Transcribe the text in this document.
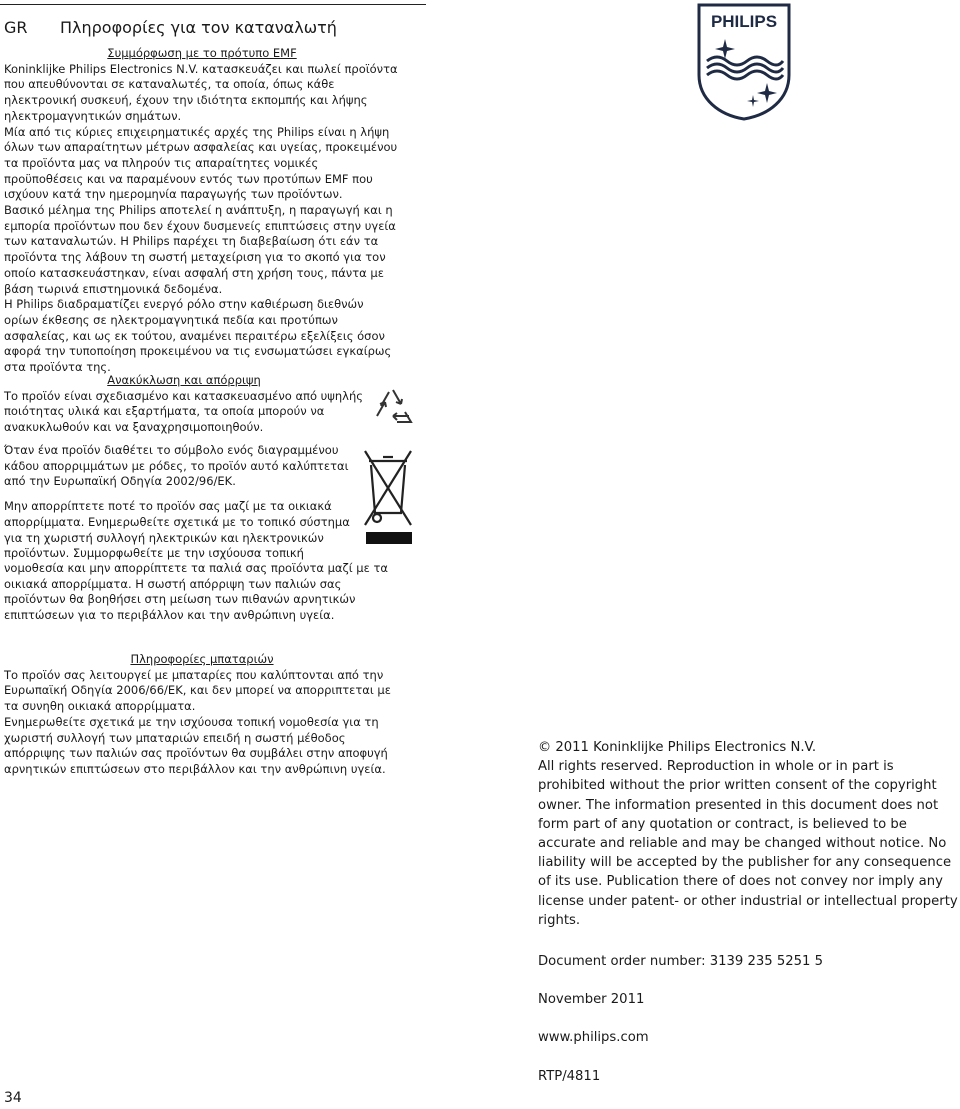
GR Πληροφορίες για τον καταναλωτή

Συμμόρφωση με το πρότυπο EMF

Koninklijke Philips Electronics N.V. κατασκευάζει και πωλεί προϊόντα που απευθύνονται σε καταναλωτές, τα οποία, όπως κάθε ηλεκτρονική συσκευή, έχουν την ιδιότητα εκπομπής και λήψης ηλεκτρομαγνητικών σημάτων.

Μία από τις κύριες επιχειρηματικές αρχές της Philips είναι η λήψη όλων των απαραίτητων μέτρων ασφαλείας και υγείας, προκειμένου τα προϊόντα μας να πληρούν τις απαραίτητες νομικές προϋποθέσεις και να παραμένουν εντός των προτύπων EMF που ισχύουν κατά την ημερομηνία παραγωγής των προϊόντων.

Βασικό μέλημα της Philips αποτελεί η ανάπτυξη, η παραγωγή και η εμπορία προϊόντων που δεν έχουν δυσμενείς επιπτώσεις στην υγεία των καταναλωτών. Η Philips παρέχει τη διαβεβαίωση ότι εάν τα προϊόντα της λάβουν τη σωστή μεταχείριση για το σκοπό για τον οποίο κατασκευάστηκαν, είναι ασφαλή στη χρήση τους, πάντα με βάση τωρινά επιστημονικά δεδομένα.

Η Philips διαδραματίζει ενεργό ρόλο στην καθιέρωση διεθνών ορίων έκθεσης σε ηλεκτρομαγνητικά πεδία και προτύπων ασφαλείας, και ως εκ τούτου, αναμένει περαιτέρω εξελίξεις όσον αφορά την τυποποίηση προκειμένου να τις ενσωματώσει εγκαίρως στα προϊόντα της.

Ανακύκλωση και απόρριψη

Το προϊόν είναι σχεδιασμένο και κατασκευασμένο από υψηλής ποιότητας υλικά και εξαρτήματα, τα οποία μπορούν να ανακυκλωθούν και να ξαναχρησιμοποιηθούν.

Όταν ένα προϊόν διαθέτει το σύμβολο ενός διαγραμμένου κάδου απορριμμάτων με ρόδες, το προϊόν αυτό καλύπτεται από την Ευρωπαϊκή Οδηγία 2002/96/ΕΚ.

Μην απορρίπτετε ποτέ το προϊόν σας μαζί με τα οικιακά απορρίμματα. Ενημερωθείτε σχετικά με το τοπικό σύστημα για τη χωριστή συλλογή ηλεκτρικών και ηλεκτρονικών προϊόντων. Συμμορφωθείτε με την ισχύουσα τοπική

νομοθεσία και μην απορρίπτετε τα παλιά σας προϊόντα μαζί με τα οικιακά απορρίμματα. Η σωστή απόρριψη των παλιών σας προϊόντων θα βοηθήσει στη μείωση των πιθανών αρνητικών επιπτώσεων για το περιβάλλον και την ανθρώπινη υγεία.

Πληροφορίες μπαταριών

Το προϊόν σας λειτουργεί με μπαταρίες που καλύπτονται από την Ευρωπαϊκή Οδηγία 2006/66/ΕΚ, και δεν μπορεί να απορριπτεται με τα συνηθη οικιακά απορρίμματα.

Ενημερωθείτε σχετικά με την ισχύουσα τοπική νομοθεσία για τη χωριστή συλλογή των μπαταριών επειδή η σωστή μέθοδος απόρριψης των παλιών σας προϊόντων θα συμβάλει στην αποφυγή αρνητικών επιπτώσεων στο περιβάλλον και την ανθρώπινη υγεία.

PHILIPS

© 2011 Koninklijke Philips Electronics N.V.

All rights reserved. Reproduction in whole or in part is prohibited without the prior written consent of the copyright owner. The information presented in this document does not form part of any quotation or contract, is believed to be accurate and reliable and may be changed without notice. No liability will be accepted by the publisher for any consequence of its use. Publication there of does not convey nor imply any license under patent- or other industrial or intellectual property rights.

Document order number: 3139 235 5251 5

November 2011

www.philips.com

RTP/4811

34
